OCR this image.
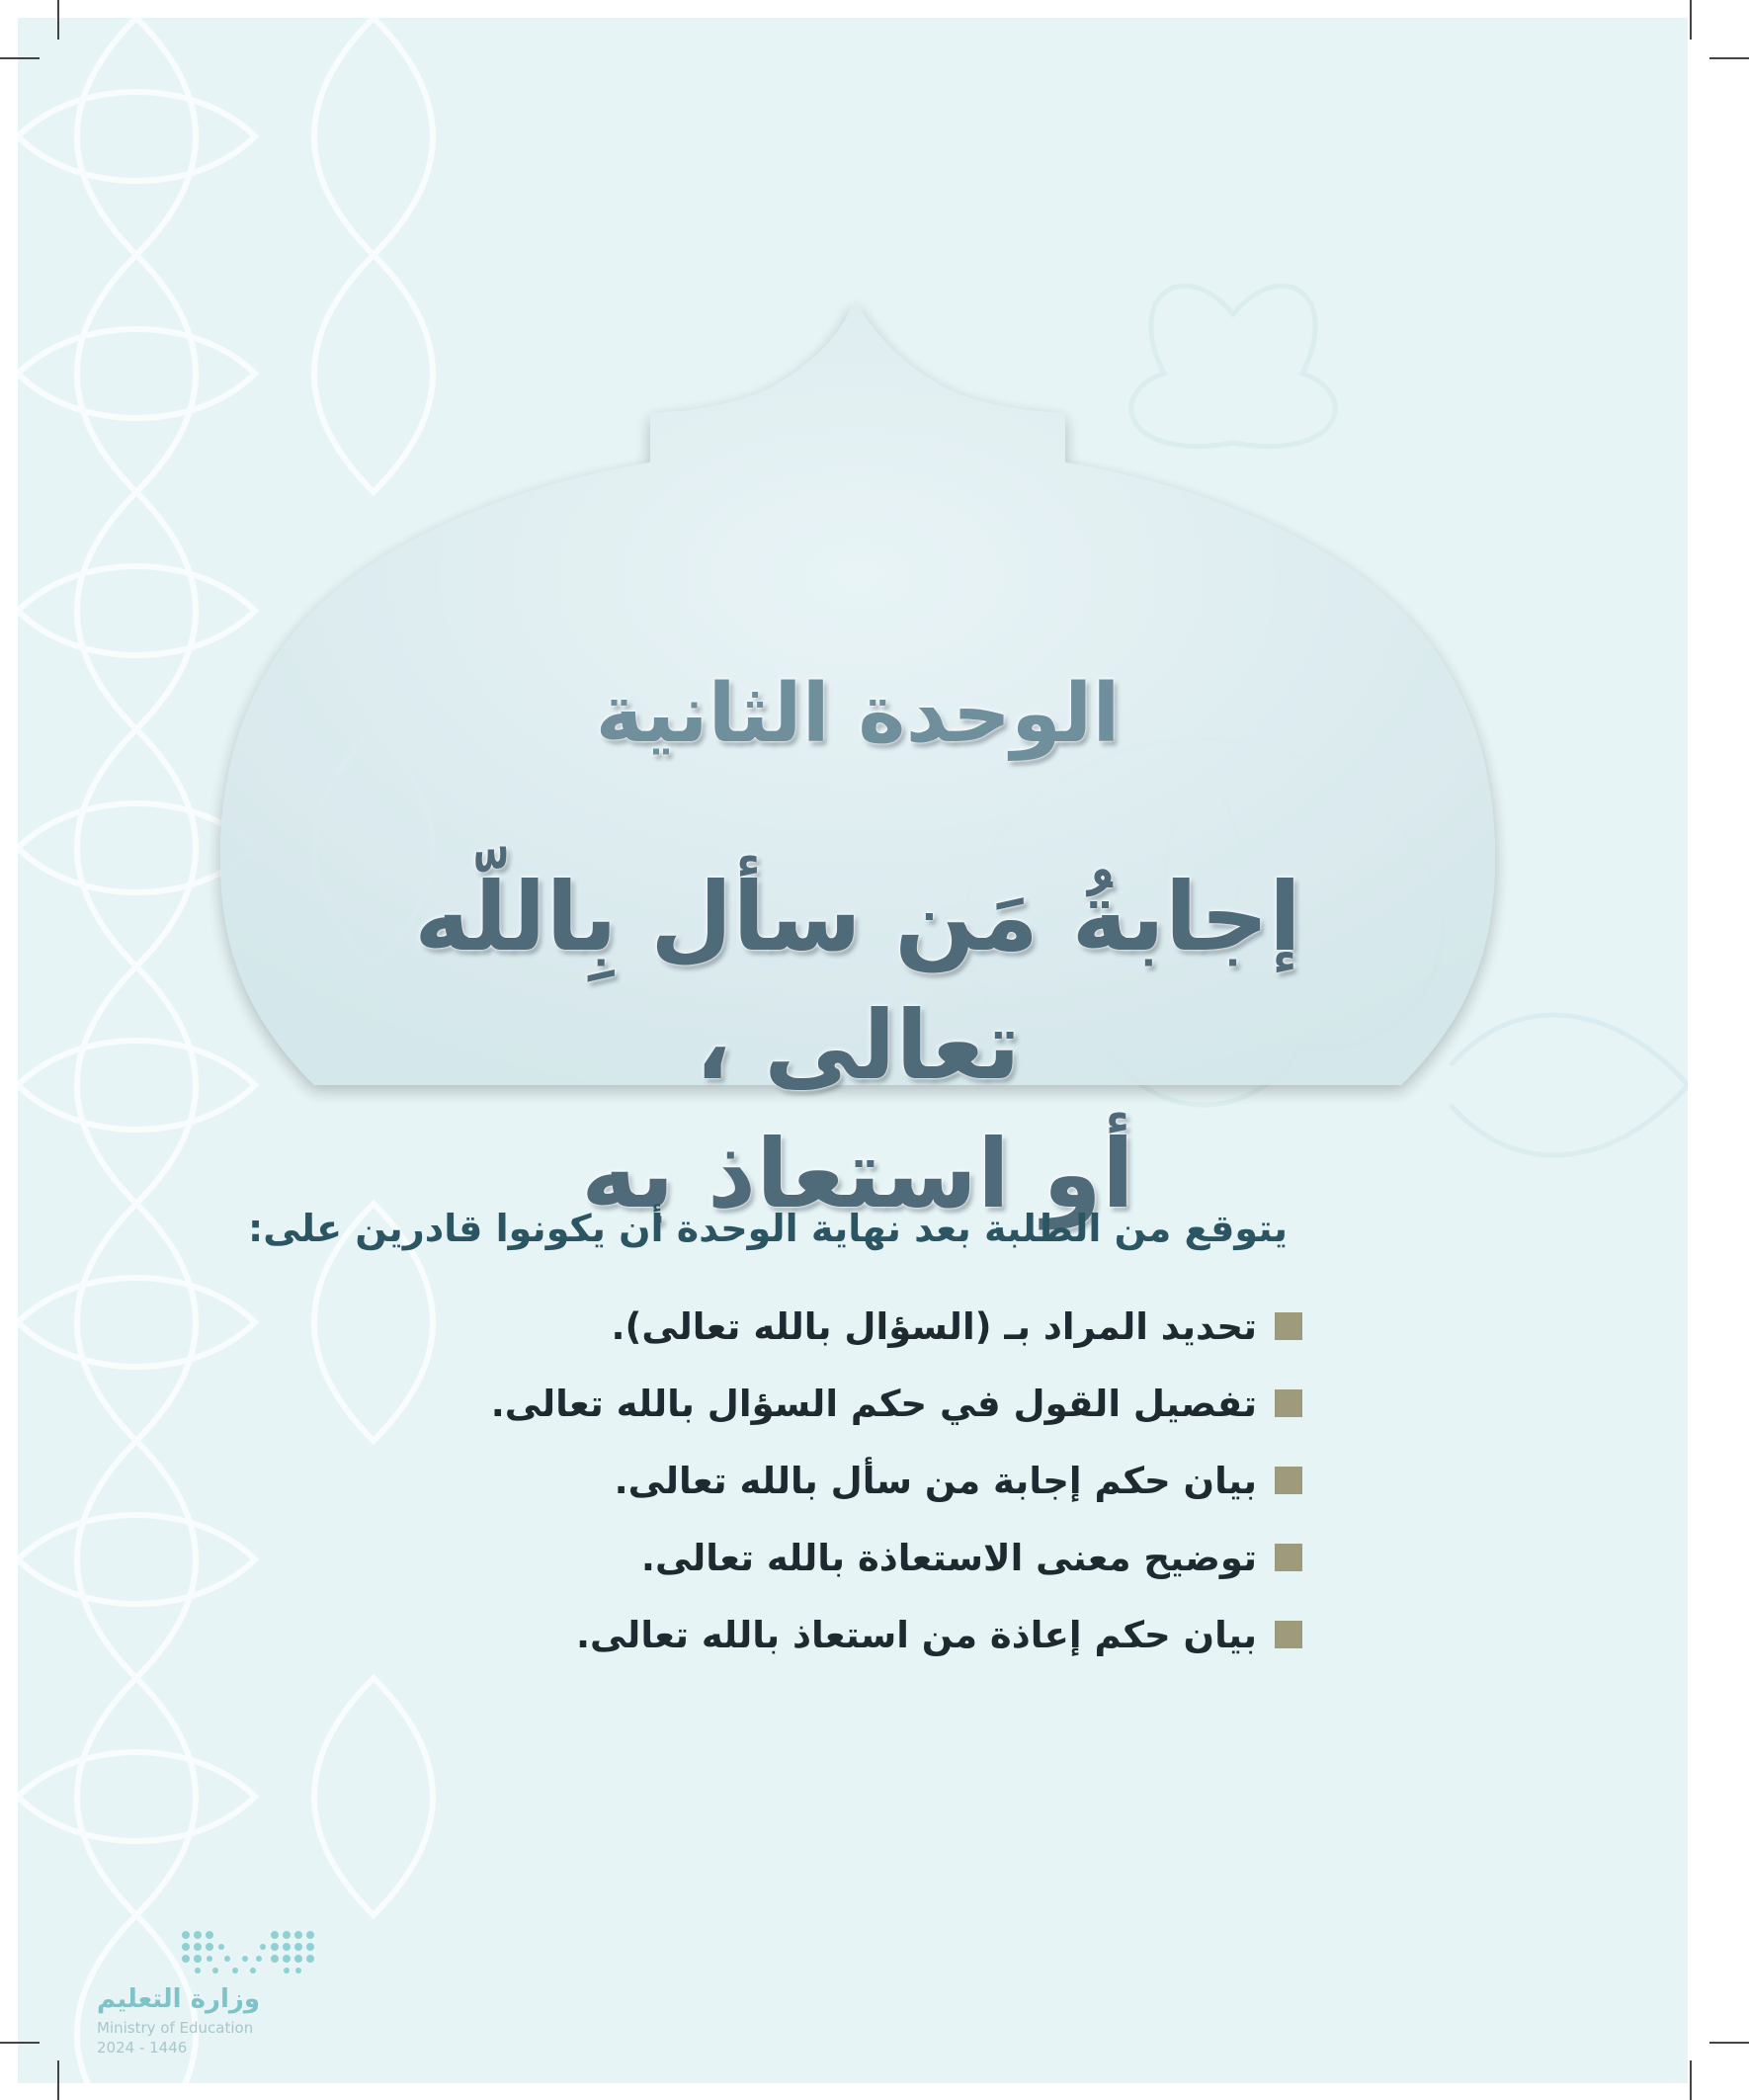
الوحدة الثانية
إجابةُ مَن سأل بِاللّه تعالى ،
أو استعاذ به
يتوقع من الطلبة بعد نهاية الوحدة أن يكونوا قادرين على:
تحديد المراد بـ (السؤال بالله تعالى).
تفصيل القول في حكم السؤال بالله تعالى.
بيان حكم إجابة من سأل بالله تعالى.
توضيح معنى الاستعاذة بالله تعالى.
بيان حكم إعاذة من استعاذ بالله تعالى.
وزارة التعليم
Ministry of Education
2024 - 1446
